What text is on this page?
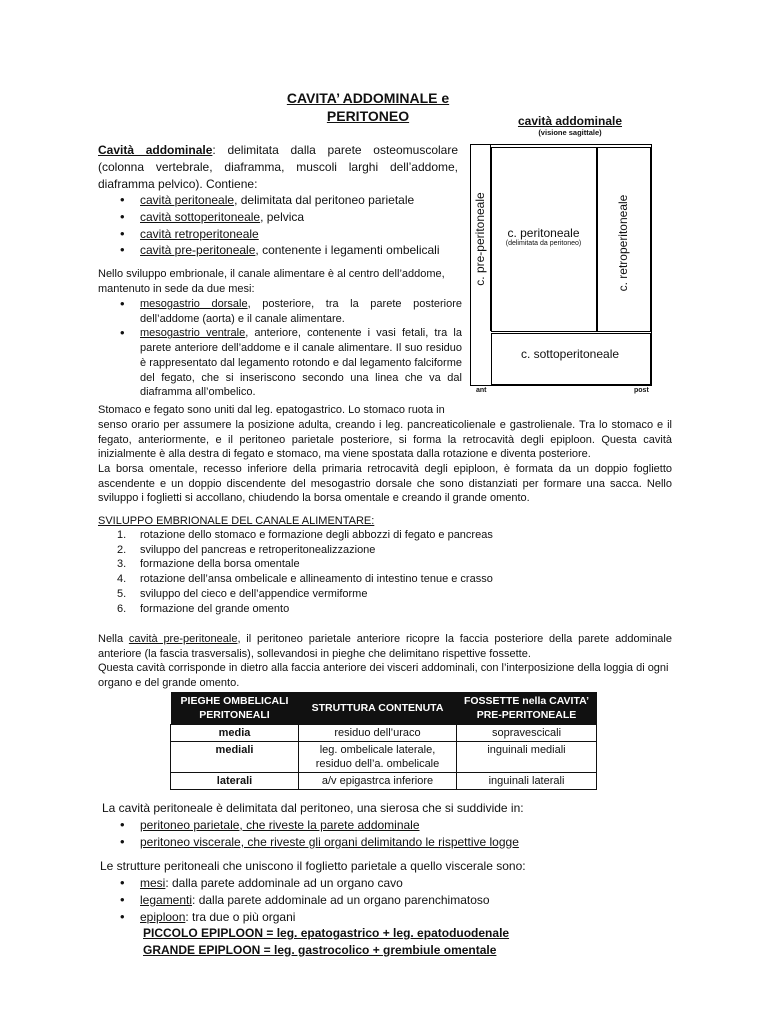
CAVITA’ ADDOMINALE e
PERITONEO	cavità addominale
(visione sagittale)
c. pre-peritoneale	c. peritoneale
(delimitata da peritoneo)	c. retroperitoneale
c. sottoperitoneale
ant	post
Cavità addominale: delimitata dalla parete osteomuscolare (colonna vertebrale, diaframma, muscoli larghi dell’addome, diaframma pelvico). Contiene:
• cavità peritoneale, delimitata dal peritoneo parietale
• cavità sottoperitoneale, pelvica
• cavità retroperitoneale
• cavità pre-peritoneale, contenente i legamenti ombelicali
Nello sviluppo embrionale, il canale alimentare è al centro dell’addome, mantenuto in sede da due mesi:
• mesogastrio dorsale, posteriore, tra la parete posteriore dell’addome (aorta) e il canale alimentare.
• mesogastrio ventrale, anteriore, contenente i vasi fetali, tra la parete anteriore dell’addome e il canale alimentare. Il suo residuo è rappresentato dal legamento rotondo e dal legamento falciforme del fegato, che si inseriscono secondo una linea che va dal diaframma all’ombelico.
Stomaco e fegato sono uniti dal leg. epatogastrico. Lo stomaco ruota in
senso orario per assumere la posizione adulta, creando i leg. pancreaticolienale e gastrolienale. Tra lo stomaco e il fegato, anteriormente, e il peritoneo parietale posteriore, si forma la retrocavità degli epiploon. Questa cavità inizialmente è alla destra di fegato e stomaco, ma viene spostata dalla rotazione e diventa posteriore.
La borsa omentale, recesso inferiore della primaria retrocavità degli epiploon, è formata da un doppio foglietto ascendente e un doppio discendente del mesogastrio dorsale che sono distanziati per formare una sacca. Nello sviluppo i foglietti si accollano, chiudendo la borsa omentale e creando il grande omento.
SVILUPPO EMBRIONALE DEL CANALE ALIMENTARE:
1. rotazione dello stomaco e formazione degli abbozzi di fegato e pancreas
2. sviluppo del pancreas e retroperitonealizzazione
3. formazione della borsa omentale
4. rotazione dell’ansa ombelicale e allineamento di intestino tenue e crasso
5. sviluppo del cieco e dell’appendice vermiforme
6. formazione del grande omento
Nella cavità pre-peritoneale, il peritoneo parietale anteriore ricopre la faccia posteriore della parete addominale anteriore (la fascia trasversalis), sollevandosi in pieghe che delimitano rispettive fossette.
Questa cavità corrisponde in dietro alla faccia anteriore dei visceri addominali, con l’interposizione della loggia di ogni organo e del grande omento.
PIEGHE OMBELICALI PERITONEALI	STRUTTURA CONTENUTA	FOSSETTE nella CAVITA’ PRE-PERITONEALE
media	residuo dell’uraco	sopravescicali
mediali	leg. ombelicale laterale, residuo dell’a. ombelicale	inguinali mediali
laterali	a/v epigastrca inferiore	inguinali laterali
La cavità peritoneale è delimitata dal peritoneo, una sierosa che si suddivide in:
• peritoneo parietale, che riveste la parete addominale
• peritoneo viscerale, che riveste gli organi delimitando le rispettive logge
Le strutture peritoneali che uniscono il foglietto parietale a quello viscerale sono:
• mesi: dalla parete addominale ad un organo cavo
• legamenti: dalla parete addominale ad un organo parenchimatoso
• epiploon: tra due o più organi
PICCOLO EPIPLOON = leg. epatogastrico + leg. epatoduodenale
GRANDE EPIPLOON = leg. gastrocolico + grembiule omentale
